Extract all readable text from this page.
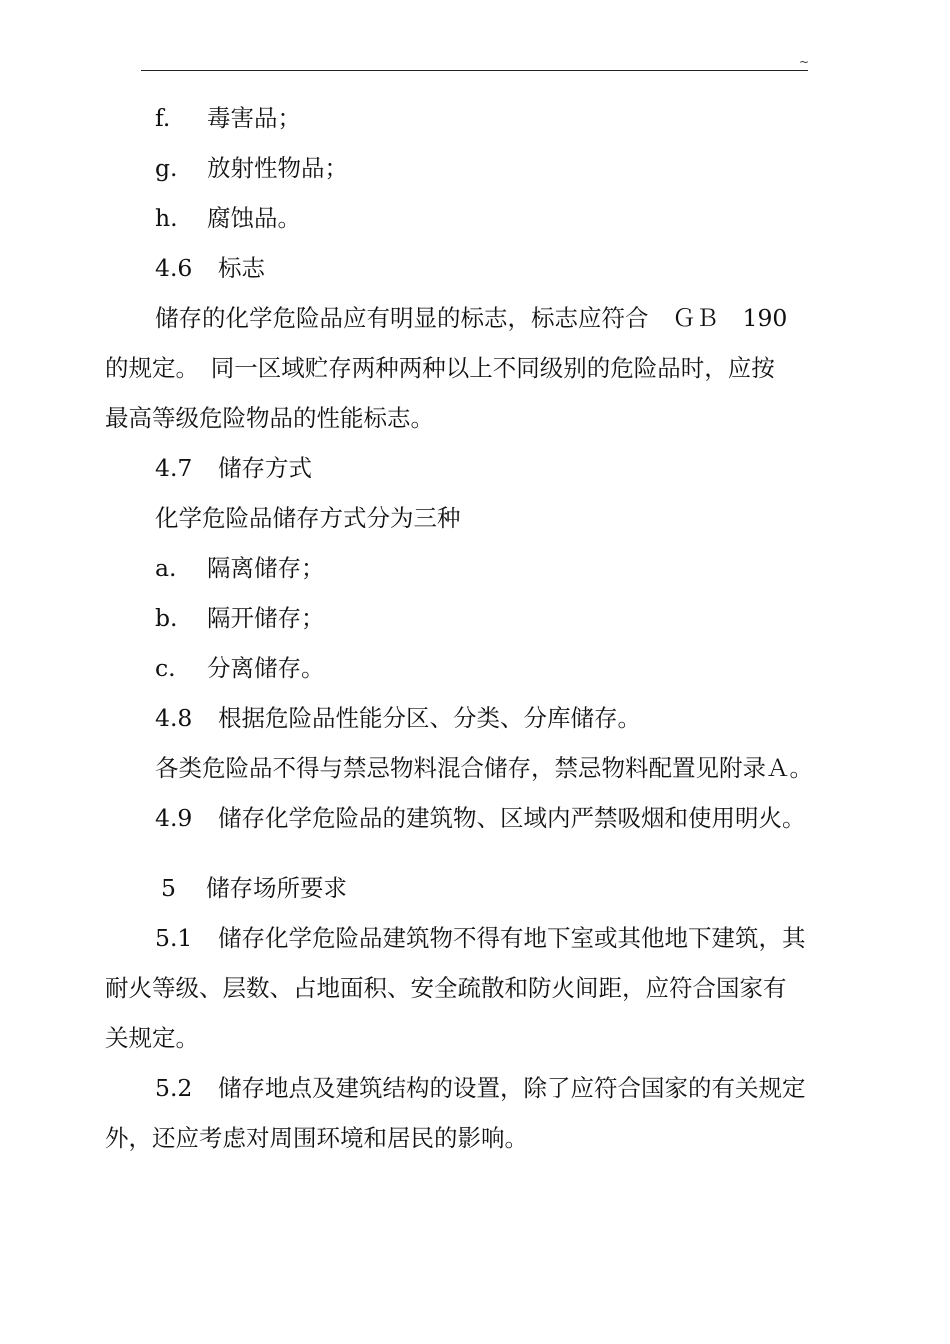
~
f. 毒害品；
g. 放射性物品；
h. 腐蚀品。
4.6 标志
储存的化学危险品应有明显的标志，标志应符合　ＧＢ　190
的规定。　同一区域贮存两种两种以上不同级别的危险品时，应按
最高等级危险物品的性能标志。
4.7 储存方式
化学危险品储存方式分为三种
a. 隔离储存；
b. 隔开储存；
c. 分离储存。
4.8 根据危险品性能分区、分类、分库储存。
各类危险品不得与禁忌物料混合储存，禁忌物料配置见附录Ａ。
4.9 储存化学危险品的建筑物、区域内严禁吸烟和使用明火。
5 储存场所要求
5.1 储存化学危险品建筑物不得有地下室或其他地下建筑，其
耐火等级、层数、占地面积、安全疏散和防火间距，应符合国家有
关规定。
5.2 储存地点及建筑结构的设置，除了应符合国家的有关规定
外，还应考虑对周围环境和居民的影响。
